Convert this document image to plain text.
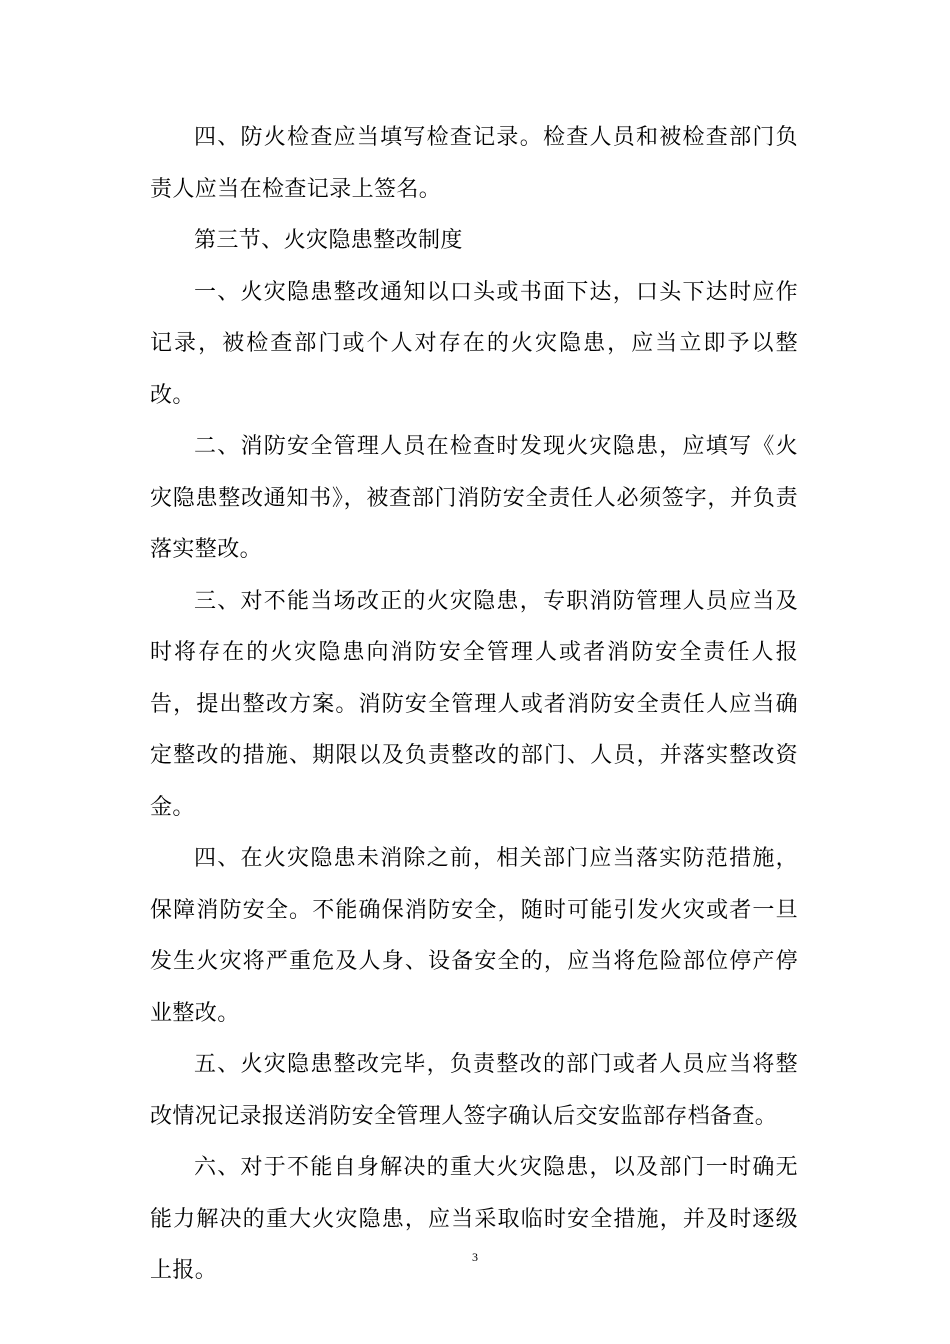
四、防火检查应当填写检查记录。检查人员和被检查部门负责人应当在检查记录上签名。

第三节、火灾隐患整改制度

一、火灾隐患整改通知以口头或书面下达，口头下达时应作记录，被检查部门或个人对存在的火灾隐患，应当立即予以整改。

二、消防安全管理人员在检查时发现火灾隐患，应填写《火灾隐患整改通知书》，被查部门消防安全责任人必须签字，并负责落实整改。

三、对不能当场改正的火灾隐患，专职消防管理人员应当及时将存在的火灾隐患向消防安全管理人或者消防安全责任人报告，提出整改方案。消防安全管理人或者消防安全责任人应当确定整改的措施、期限以及负责整改的部门、人员，并落实整改资金。

四、在火灾隐患未消除之前，相关部门应当落实防范措施，保障消防安全。不能确保消防安全，随时可能引发火灾或者一旦发生火灾将严重危及人身、设备安全的，应当将危险部位停产停业整改。

五、火灾隐患整改完毕，负责整改的部门或者人员应当将整改情况记录报送消防安全管理人签字确认后交安监部存档备查。

六、对于不能自身解决的重大火灾隐患，以及部门一时确无能力解决的重大火灾隐患，应当采取临时安全措施，并及时逐级上报。

3
